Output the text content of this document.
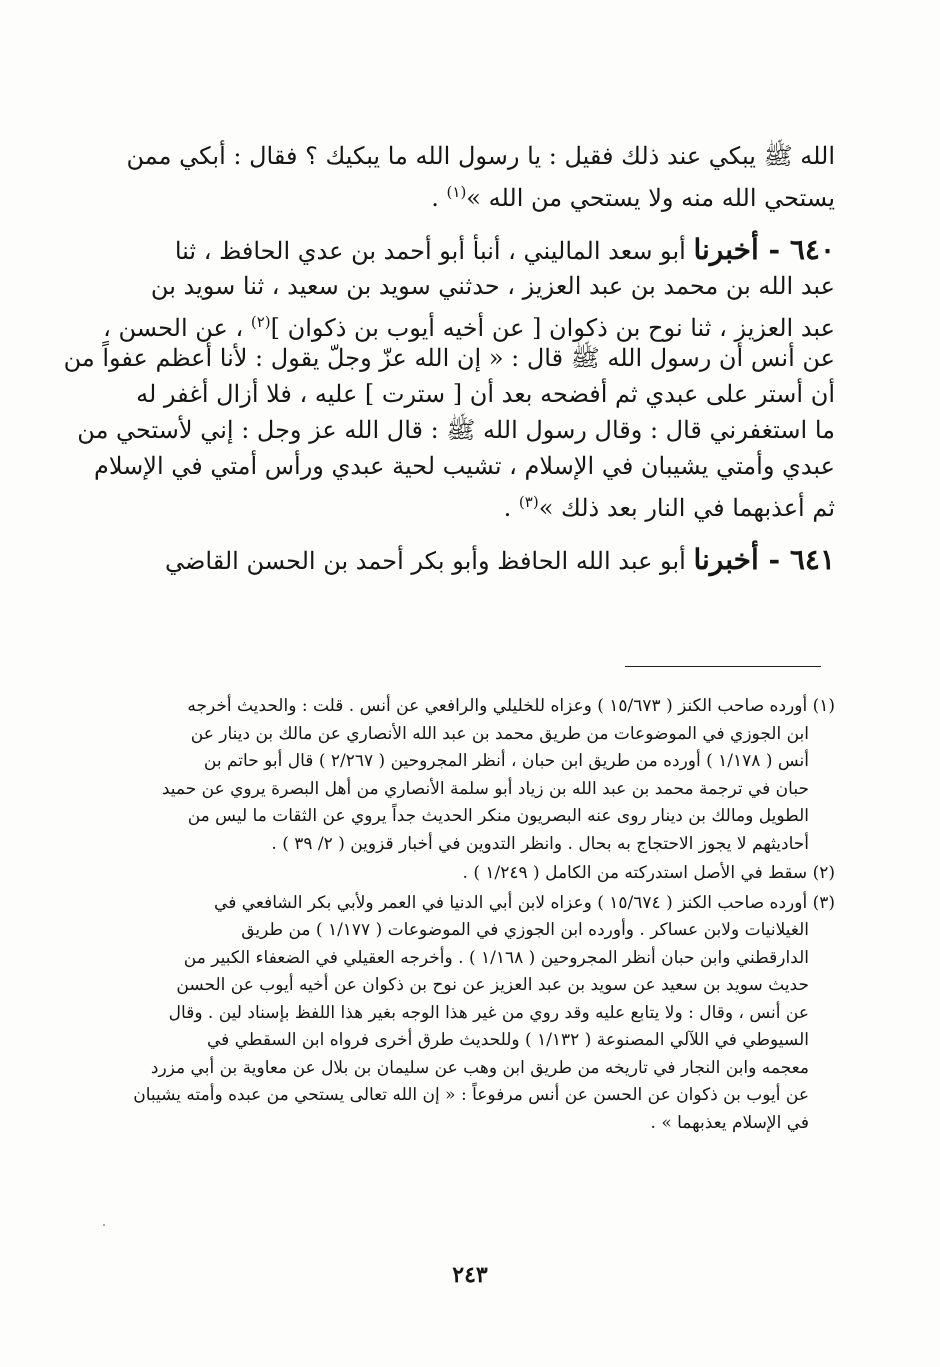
الله ﷺ يبكي عند ذلك فقيل : يا رسول الله ما يبكيك ؟ فقال : أبكي ممن
يستحي الله منه ولا يستحي من الله »$^{(١)}$ .
٦٤٠ - أخبرنا أبو سعد الماليني ، أنبأ أبو أحمد بن عدي الحافظ ، ثنا
عبد الله بن محمد بن عبد العزيز ، حدثني سويد بن سعيد ، ثنا سويد بن
عبد العزيز ، ثنا نوح بن ذكوان [ عن أخيه أيوب بن ذكوان ]$^{(٢)}$ ، عن الحسن ،
عن أنس أن رسول الله ﷺ قال : « إن الله عزّ وجلّ يقول : لأنا أعظم عفواً من
أن أستر على عبدي ثم أفضحه بعد أن [ سترت ] عليه ، فلا أزال أغفر له
ما استغفرني قال : وقال رسول الله ﷺ : قال الله عز وجل : إني لأستحي من
عبدي وأمتي يشيبان في الإسلام ، تشيب لحية عبدي ورأس أمتي في الإسلام
ثم أعذبهما في النار بعد ذلك »$^{(٣)}$ .
٦٤١ - أخبرنا أبو عبد الله الحافظ وأبو بكر أحمد بن الحسن القاضي
(١) أورده صاحب الكنز ( ١٥/٦٧٣ ) وعزاه للخليلي والرافعي عن أنس . قلت : والحديث أخرجه
ابن الجوزي في الموضوعات من طريق محمد بن عبد الله الأنصاري عن مالك بن دينار عن
أنس ( ١/١٧٨ ) أورده من طريق ابن حبان ، أنظر المجروحين ( ٢/٢٦٧ ) قال أبو حاتم بن
حبان في ترجمة محمد بن عبد الله بن زياد أبو سلمة الأنصاري من أهل البصرة يروي عن حميد
الطويل ومالك بن دينار روى عنه البصريون منكر الحديث جداً يروي عن الثقات ما ليس من
أحاديثهم لا يجوز الاحتجاج به بحال . وانظر التدوين في أخبار قزوين ( ٢/ ٣٩ ) .
(٢) سقط في الأصل استدركته من الكامل ( ١/٢٤٩ ) .
(٣) أورده صاحب الكنز ( ١٥/٦٧٤ ) وعزاه لابن أبي الدنيا في العمر ولأبي بكر الشافعي في
الغيلانيات ولابن عساكر . وأورده ابن الجوزي في الموضوعات ( ١/١٧٧ ) من طريق
الدارقطني وابن حبان أنظر المجروحين ( ١/١٦٨ ) . وأخرجه العقيلي في الضعفاء الكبير من
حديث سويد بن سعيد عن سويد بن عبد العزيز عن نوح بن ذكوان عن أخيه أيوب عن الحسن
عن أنس ، وقال : ولا يتابع عليه وقد روي من غير هذا الوجه بغير هذا اللفظ بإسناد لين . وقال
السيوطي في اللآلي المصنوعة ( ١/١٣٢ ) وللحديث طرق أخرى فرواه ابن السقطي في
معجمه وابن النجار في تاريخه من طريق ابن وهب عن سليمان بن بلال عن معاوية بن أبي مزرد
عن أيوب بن ذكوان عن الحسن عن أنس مرفوعاً : « إن الله تعالى يستحي من عبده وأمته يشيبان
في الإسلام يعذبهما » .
٢٤٣
